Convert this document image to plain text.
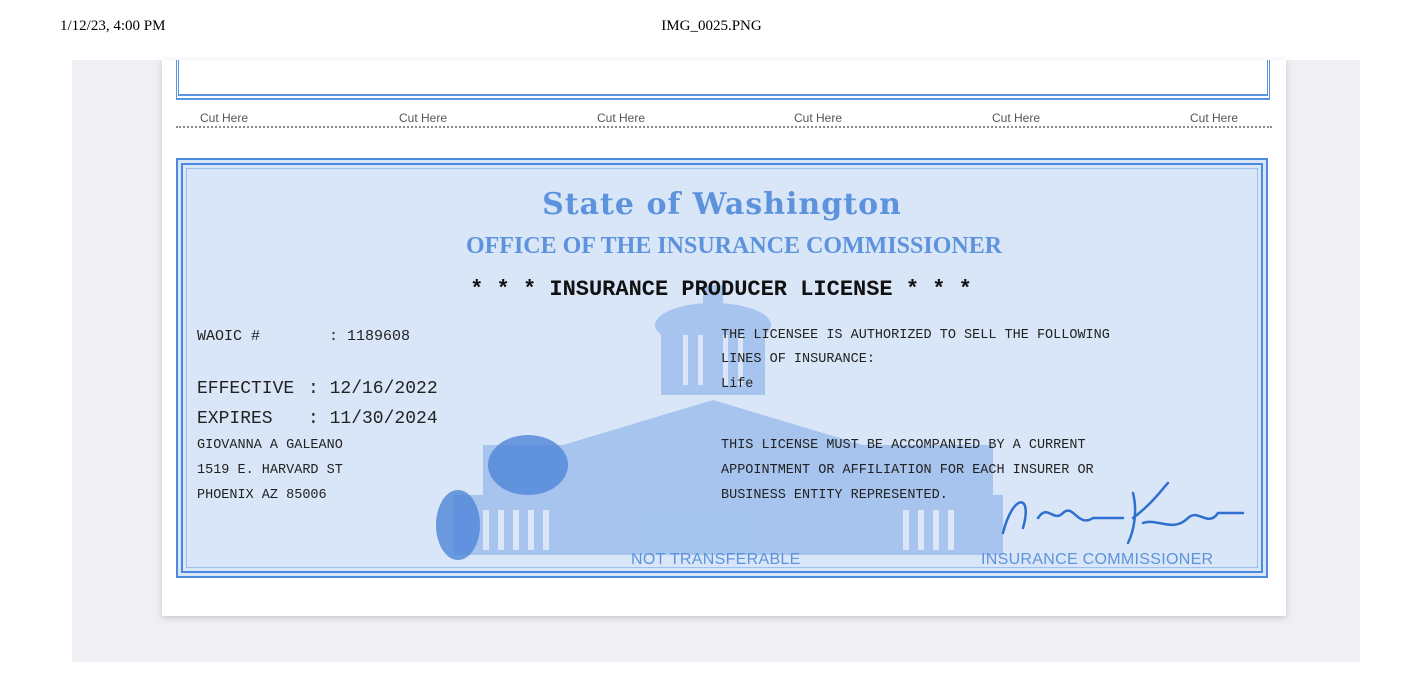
1/12/23, 4:00 PM	IMG_0025.PNG
Cut Here	Cut Here	Cut Here	Cut Here	Cut Here	Cut Here
State of Washington
OFFICE OF THE INSURANCE COMMISSIONER
* * * INSURANCE PRODUCER LICENSE * * *
WAOIC #	: 1189608
EFFECTIVE : 12/16/2022
EXPIRES : 11/30/2024
GIOVANNA A GALEANO
1519 E. HARVARD ST
PHOENIX AZ 85006
THE LICENSEE IS AUTHORIZED TO SELL THE FOLLOWING
LINES OF INSURANCE:
Life
THIS LICENSE MUST BE ACCOMPANIED BY A CURRENT
APPOINTMENT OR AFFILIATION FOR EACH INSURER OR
BUSINESS ENTITY REPRESENTED.
NOT TRANSFERABLE	INSURANCE COMMISSIONER
